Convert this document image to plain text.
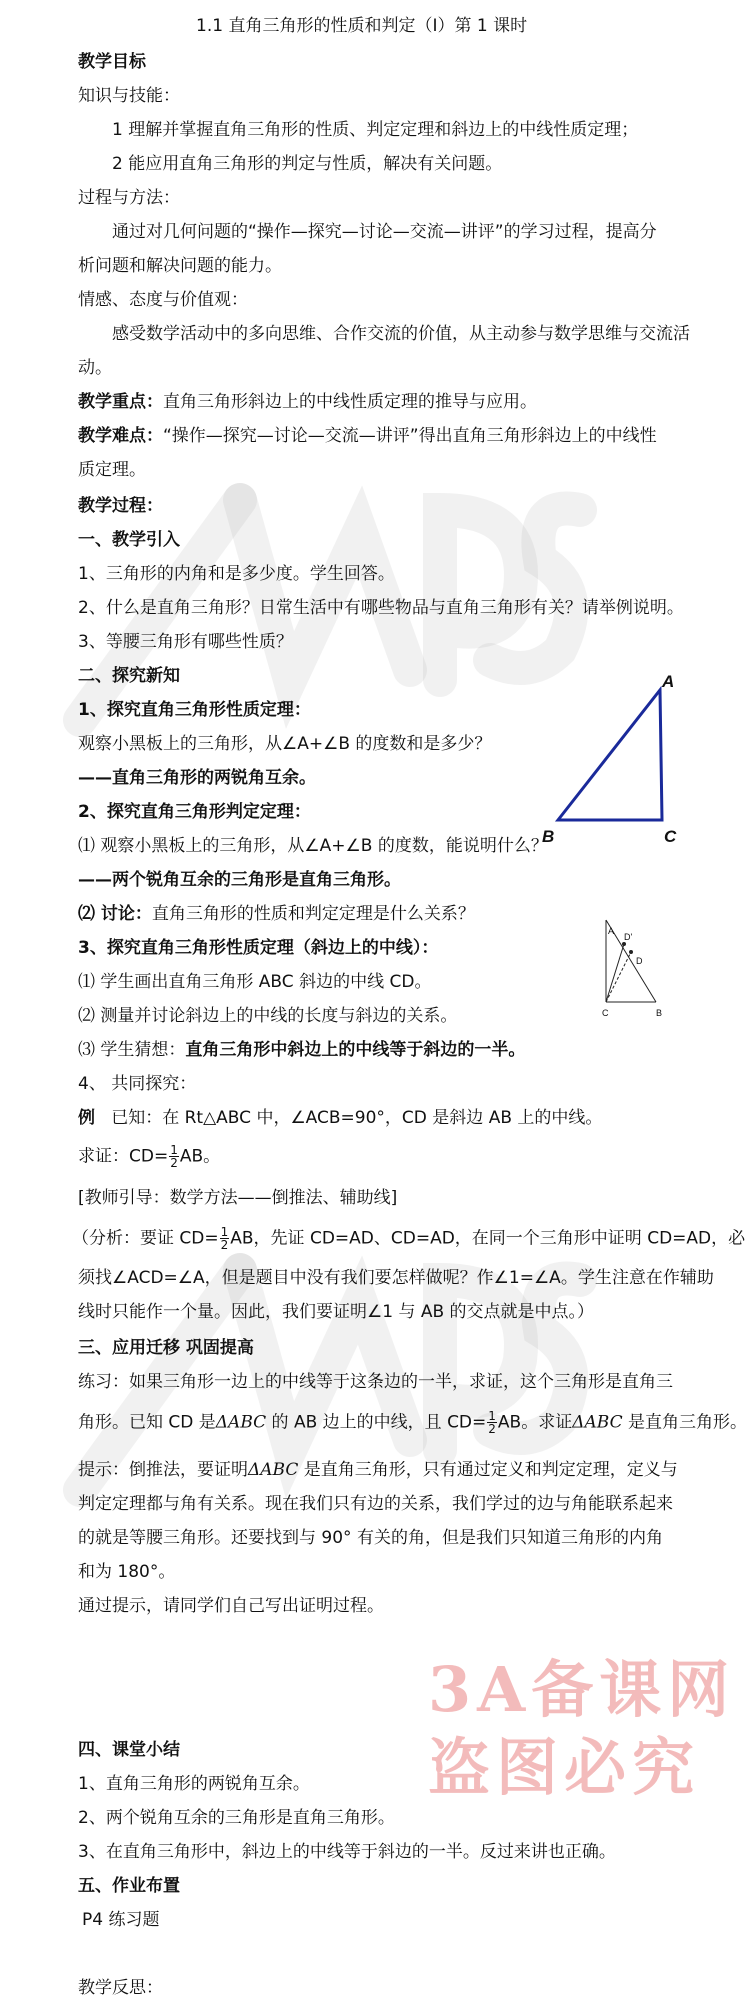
1.1 直角三角形的性质和判定（Ⅰ）第 1 课时
教学目标
知识与技能：
1 理解并掌握直角三角形的性质、判定定理和斜边上的中线性质定理；
2 能应用直角三角形的判定与性质，解决有关问题。
过程与方法：
通过对几何问题的“操作—探究—讨论—交流—讲评”的学习过程，提高分
析问题和解决问题的能力。
情感、态度与价值观：
感受数学活动中的多向思维、合作交流的价值，从主动参与数学思维与交流活
动。
教学重点：直角三角形斜边上的中线性质定理的推导与应用。
教学难点：“操作—探究—讨论—交流—讲评”得出直角三角形斜边上的中线性
质定理。
教学过程：
一、教学引入
1、三角形的内角和是多少度。学生回答。
2、什么是直角三角形？日常生活中有哪些物品与直角三角形有关？请举例说明。
3、等腰三角形有哪些性质？
二、探究新知
1、探究直角三角形性质定理：
观察小黑板上的三角形，从∠A+∠B 的度数和是多少？
——直角三角形的两锐角互余。
2、探究直角三角形判定定理：
⑴ 观察小黑板上的三角形，从∠A+∠B 的度数，能说明什么？
——两个锐角互余的三角形是直角三角形。
⑵ 讨论：直角三角形的性质和判定定理是什么关系？
3、探究直角三角形性质定理（斜边上的中线）：
⑴ 学生画出直角三角形 ABC 斜边的中线 CD。
⑵ 测量并讨论斜边上的中线的长度与斜边的关系。
⑶ 学生猜想：直角三角形中斜边上的中线等于斜边的一半。
4、 共同探究：
例 已知：在 Rt△ABC 中，∠ACB=90°，CD 是斜边 AB 上的中线。
求证：$CD= \frac{1}{2}$ AB。
[教师引导：数学方法——倒推法、辅助线]
（分析：要证 $CD= \frac{1}{2}$ AB，先证 CD=AD、CD=AD，在同一个三角形中证明 CD=AD，必
须找∠ACD=∠A，但是题目中没有我们要怎样做呢？作∠1=∠A。学生注意在作辅助
线时只能作一个量。因此，我们要证明∠1 与 AB 的交点就是中点。）
三、应用迁移 巩固提高
练习：如果三角形一边上的中线等于这条边的一半，求证，这个三角形是直角三
角形。已知 CD 是ΔABC 的 AB 边上的中线，且 $CD= \frac{1}{2}$ AB。求证ΔABC 是直角三角形。
提示：倒推法，要证明ΔABC 是直角三角形，只有通过定义和判定定理，定义与
判定定理都与角有关系。现在我们只有边的关系，我们学过的边与角能联系起来
的就是等腰三角形。还要找到与 90° 有关的角，但是我们只知道三角形的内角
和为 180°。
通过提示，请同学们自己写出证明过程。
3A备课网
盗图必究
四、课堂小结
1、直角三角形的两锐角互余。
2、两个锐角互余的三角形是直角三角形。
3、在直角三角形中，斜边上的中线等于斜边的一半。反过来讲也正确。
五、作业布置
P4 练习题
教学反思：
A
B	C
A
D'
D
C	B
